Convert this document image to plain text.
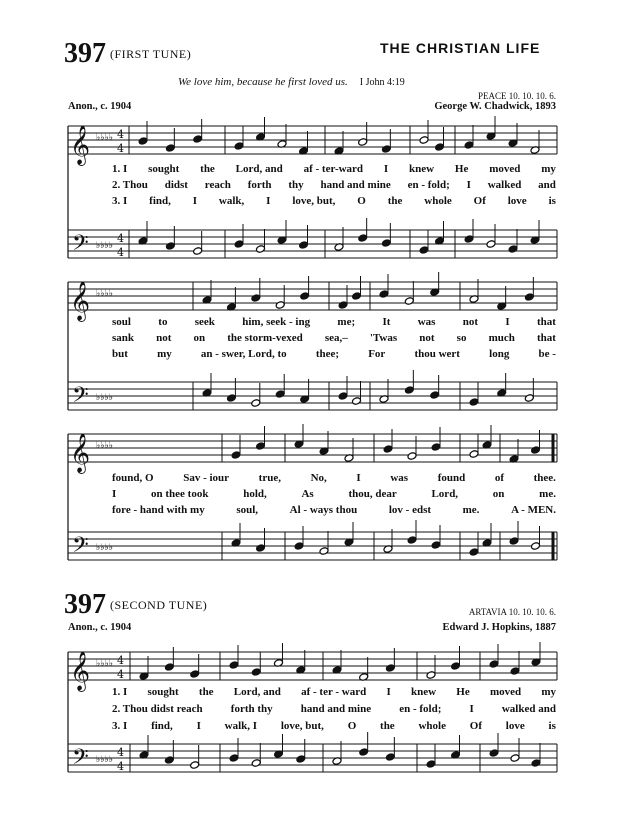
397 (FIRST TUNE)	THE CHRISTIAN LIFE
We love him, because he first loved us. I John 4:19
PEACE 10. 10. 10. 6.
Anon., c. 1904	George W. Chadwick, 1893
𝄞
𝄢
♭♭♭♭
♭♭♭♭
4
4
4
4
𝄞
𝄢
♭♭♭♭
♭♭♭♭
𝄞
𝄢
♭♭♭♭
♭♭♭♭
𝄞
𝄢
♭♭♭♭
♭♭♭♭
4
4
4
4
1. I sought the Lord, and af - ter-ward I knew He moved my
2. Thou didst reach forth thy hand and mine en - fold; I walked and
3. I find, I walk, I love, but, O the whole Of love is
soul to seek him, seek - ing me; It was not I that
sank not on the storm-vexed sea,– 'Twas not so much that
but	my	an - swer, Lord, to	thee;	For	thou wert	long	be -
found, O	Sav - iour	true,	No,	I	was	found	of	thee.
I	on thee took	hold,	As	thou, dear	Lord,	on	me.
fore - hand with my	soul,	Al - ways thou	lov - edst	me.	A - MEN.
397 (SECOND TUNE)	ARTAVIA 10. 10. 10. 6.
Anon., c. 1904	Edward J. Hopkins, 1887
1. I sought the Lord, and af - ter - ward I knew He moved my
2. Thou didst reach	forth thy	hand and mine	en - fold;	I	walked and
3. I find, I walk, I love, but, O the whole Of love is
